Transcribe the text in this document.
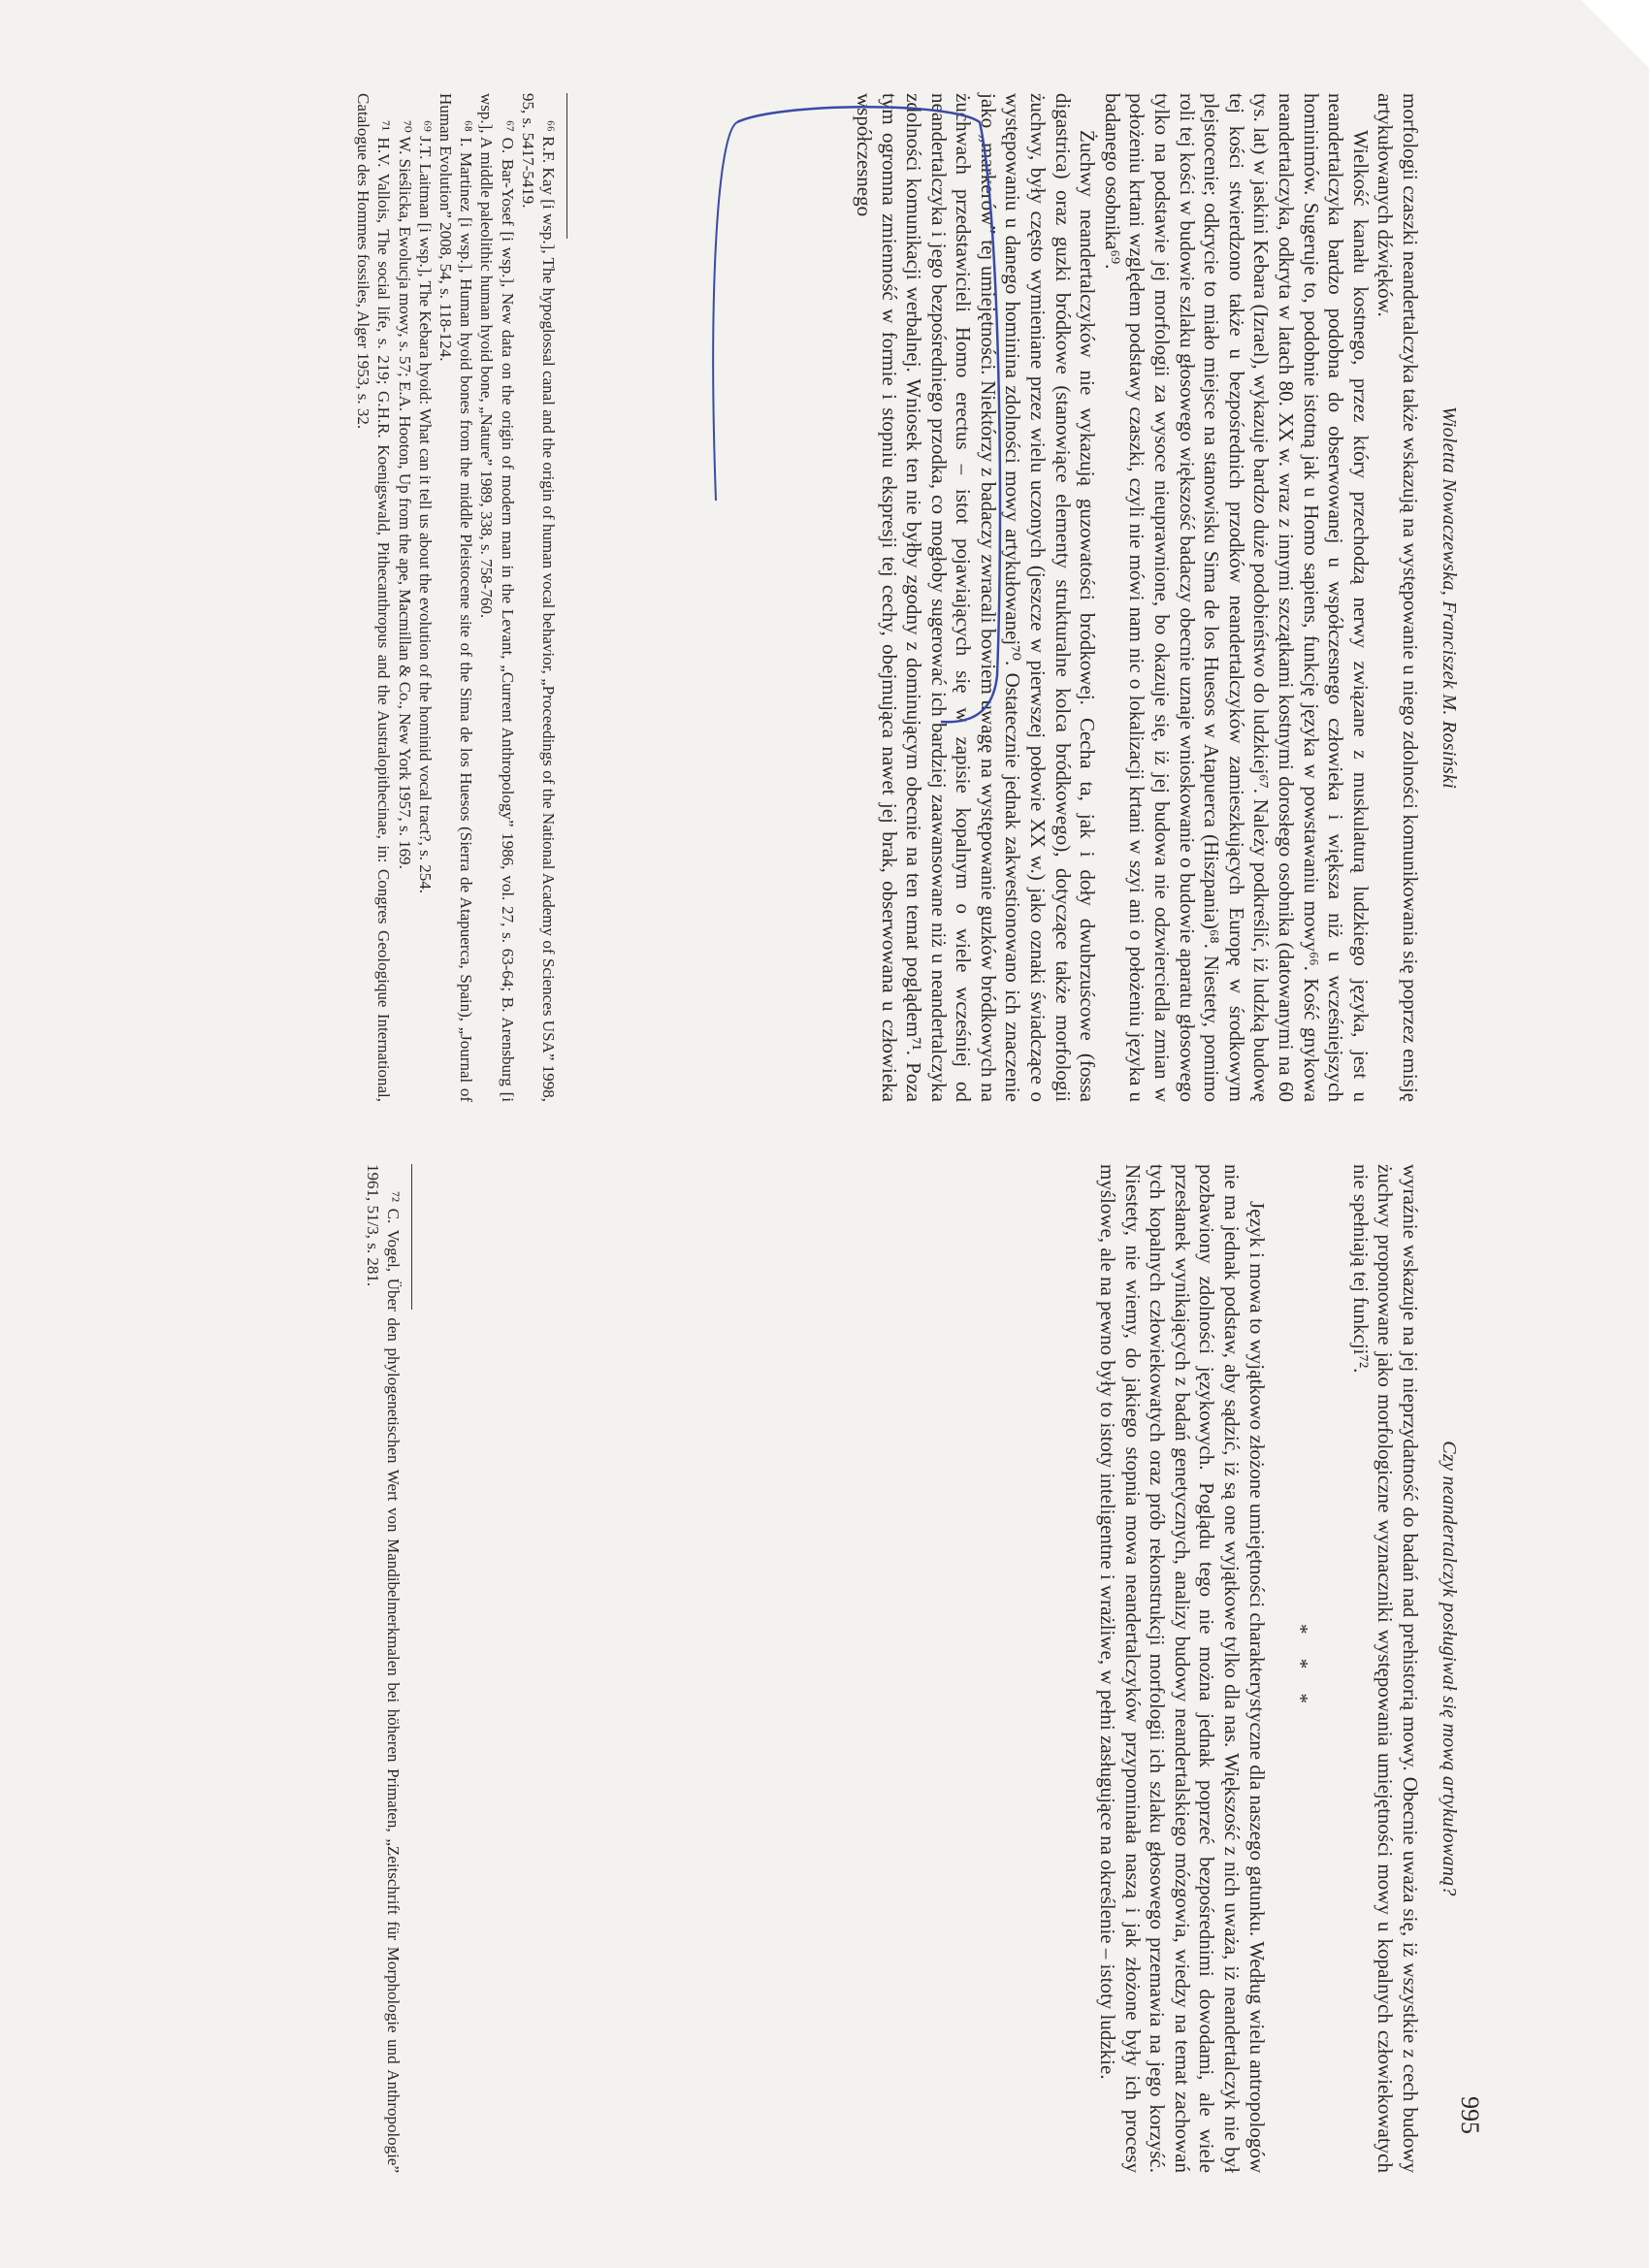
Wioletta Nowaczewska, Franciszek M. Rosiński

morfologii czaszki neandertalczyka także wskazują na występowanie u niego zdolności komunikowania się poprzez emisję artykułowanych dźwięków.

Wielkość kanału kostnego, przez który przechodzą nerwy związane z muskulaturą ludzkiego języka, jest u neandertalczyka bardzo podobna do obserwowanej u współczesnego człowieka i większa niż u wcześniejszych hominimów. Sugeruje to, podobnie istotną jak u Homo sapiens, funkcję języka w powstawaniu mowy⁶⁶. Kość gnykowa neandertalczyka, odkryta w latach 80. XX w. wraz z innymi szczątkami kostnymi dorosłego osobnika (datowanymi na 60 tys. lat) w jaskini Kebara (Izrael), wykazuje bardzo duże podobieństwo do ludzkiej⁶⁷. Należy podkreślić, iż ludzką budowę tej kości stwierdzono także u bezpośrednich przodków neandertalczyków zamieszkujących Europę w środkowym plejstocenie; odkrycie to miało miejsce na stanowisku Sima de los Huesos w Atapuerca (Hiszpania)⁶⁸. Niestety, pomimo roli tej kości w budowie szlaku głosowego większość badaczy obecnie uznaje wnioskowanie o budowie aparatu głosowego tylko na podstawie jej morfologii za wysoce nieuprawnione, bo okazuje się, iż jej budowa nie odzwierciedla zmian w położeniu krtani względem podstawy czaszki, czyli nie mówi nam nic o lokalizacji krtani w szyi ani o położeniu języka u badanego osobnika⁶⁹.

Żuchwy neandertalczyków nie wykazują guzowatości bródkowej. Cecha ta, jak i doły dwubrzuścowe (fossa digastrica) oraz guzki bródkowe (stanowiące elementy strukturalne kolca bródkowego), dotyczące także morfologii żuchwy, były często wymieniane przez wielu uczonych (jeszcze w pierwszej połowie XX w.) jako oznaki świadczące o występowaniu u danego hominina zdolności mowy artykułowanej⁷⁰. Ostatecznie jednak zakwestionowano ich znaczenie jako „markerów” tej umiejętności. Niektórzy z badaczy zwracali bowiem uwagę na występowanie guzków bródkowych na żuchwach przedstawicieli Homo erectus – istot pojawiających się w zapisie kopalnym o wiele wcześniej od neandertalczyka i jego bezpośredniego przodka, co mogłoby sugerować ich bardziej zaawansowane niż u neandertalczyka zdolności komunikacji werbalnej. Wniosek ten nie byłby zgodny z dominującym obecnie na ten temat poglądem⁷¹. Poza tym ogromna zmienność w formie i stopniu ekspresji tej cechy, obejmująca nawet jej brak, obserwowana u człowieka współczesnego

⁶⁶ R.F. Kay [i wsp.], The hypoglossal canal and the origin of human vocal behavior, „Proceedings of the National Academy of Sciences USA” 1998, 95, s. 5417-5419.

⁶⁷ O. Bar-Yosef [i wsp.], New data on the origin of modern man in the Levant, „Current Anthropology” 1986, vol. 27, s. 63-64; B. Arensburg [i wsp.], A middle paleolithic human hyoid bone, „Nature” 1989, 338, s. 758-760.

⁶⁸ I. Martinez [i wsp.], Human hyoid bones from the middle Pleistocene site of the Sima de los Huesos (Sierra de Atapuerca, Spain), „Journal of Human Evolution” 2008, 54, s. 118-124.

⁶⁹ J.T. Laitman [i wsp.], The Kebara hyoid: What can it tell us about the evolution of the hominid vocal tract?, s. 254.

⁷⁰ W. Sieślicka, Ewolucja mowy, s. 57; E.A. Hooton, Up from the ape, Macmillan & Co., New York 1957, s. 169.

⁷¹ H.V. Vallois, The social life, s. 219; G.H.R. Koenigswald, Pithecanthropus and the Australopithecinae, in: Congres Geologique International, Catalogue des Hommes fossiles, Alger 1953, s. 32.

Czy neandertalczyk posługiwał się mową artykułowaną?
995

wyraźnie wskazuje na jej nieprzydatność do badań nad prehistorią mowy. Obecnie uważa się, iż wszystkie z cech budowy żuchwy proponowane jako morfologiczne wyznaczniki występowania umiejętności mowy u kopalnych człowiekowatych nie spełniają tej funkcji⁷².

* * *

Język i mowa to wyjątkowo złożone umiejętności charakterystyczne dla naszego gatunku. Według wielu antropologów nie ma jednak podstaw, aby sądzić, iż są one wyjątkowe tylko dla nas. Większość z nich uważa, iż neandertalczyk nie był pozbawiony zdolności językowych. Poglądu tego nie można jednak poprzeć bezpośrednimi dowodami, ale wiele przesłanek wynikających z badań genetycznych, analizy budowy neandertalskiego mózgowia, wiedzy na temat zachowań tych kopalnych człowiekowatych oraz prób rekonstrukcji morfologii ich szlaku głosowego przemawia na jego korzyść. Niestety, nie wiemy, do jakiego stopnia mowa neandertalczyków przypominała naszą i jak złożone były ich procesy myślowe, ale na pewno były to istoty inteligentne i wrażliwe, w pełni zasługujące na określenie – istoty ludzkie.

⁷² C. Vogel, Über den phylogenetischen Wert von Mandibelmerkmalen bei höheren Primaten, „Zeitschrift für Morphologie und Anthropologie” 1961, 51/3, s. 281.
